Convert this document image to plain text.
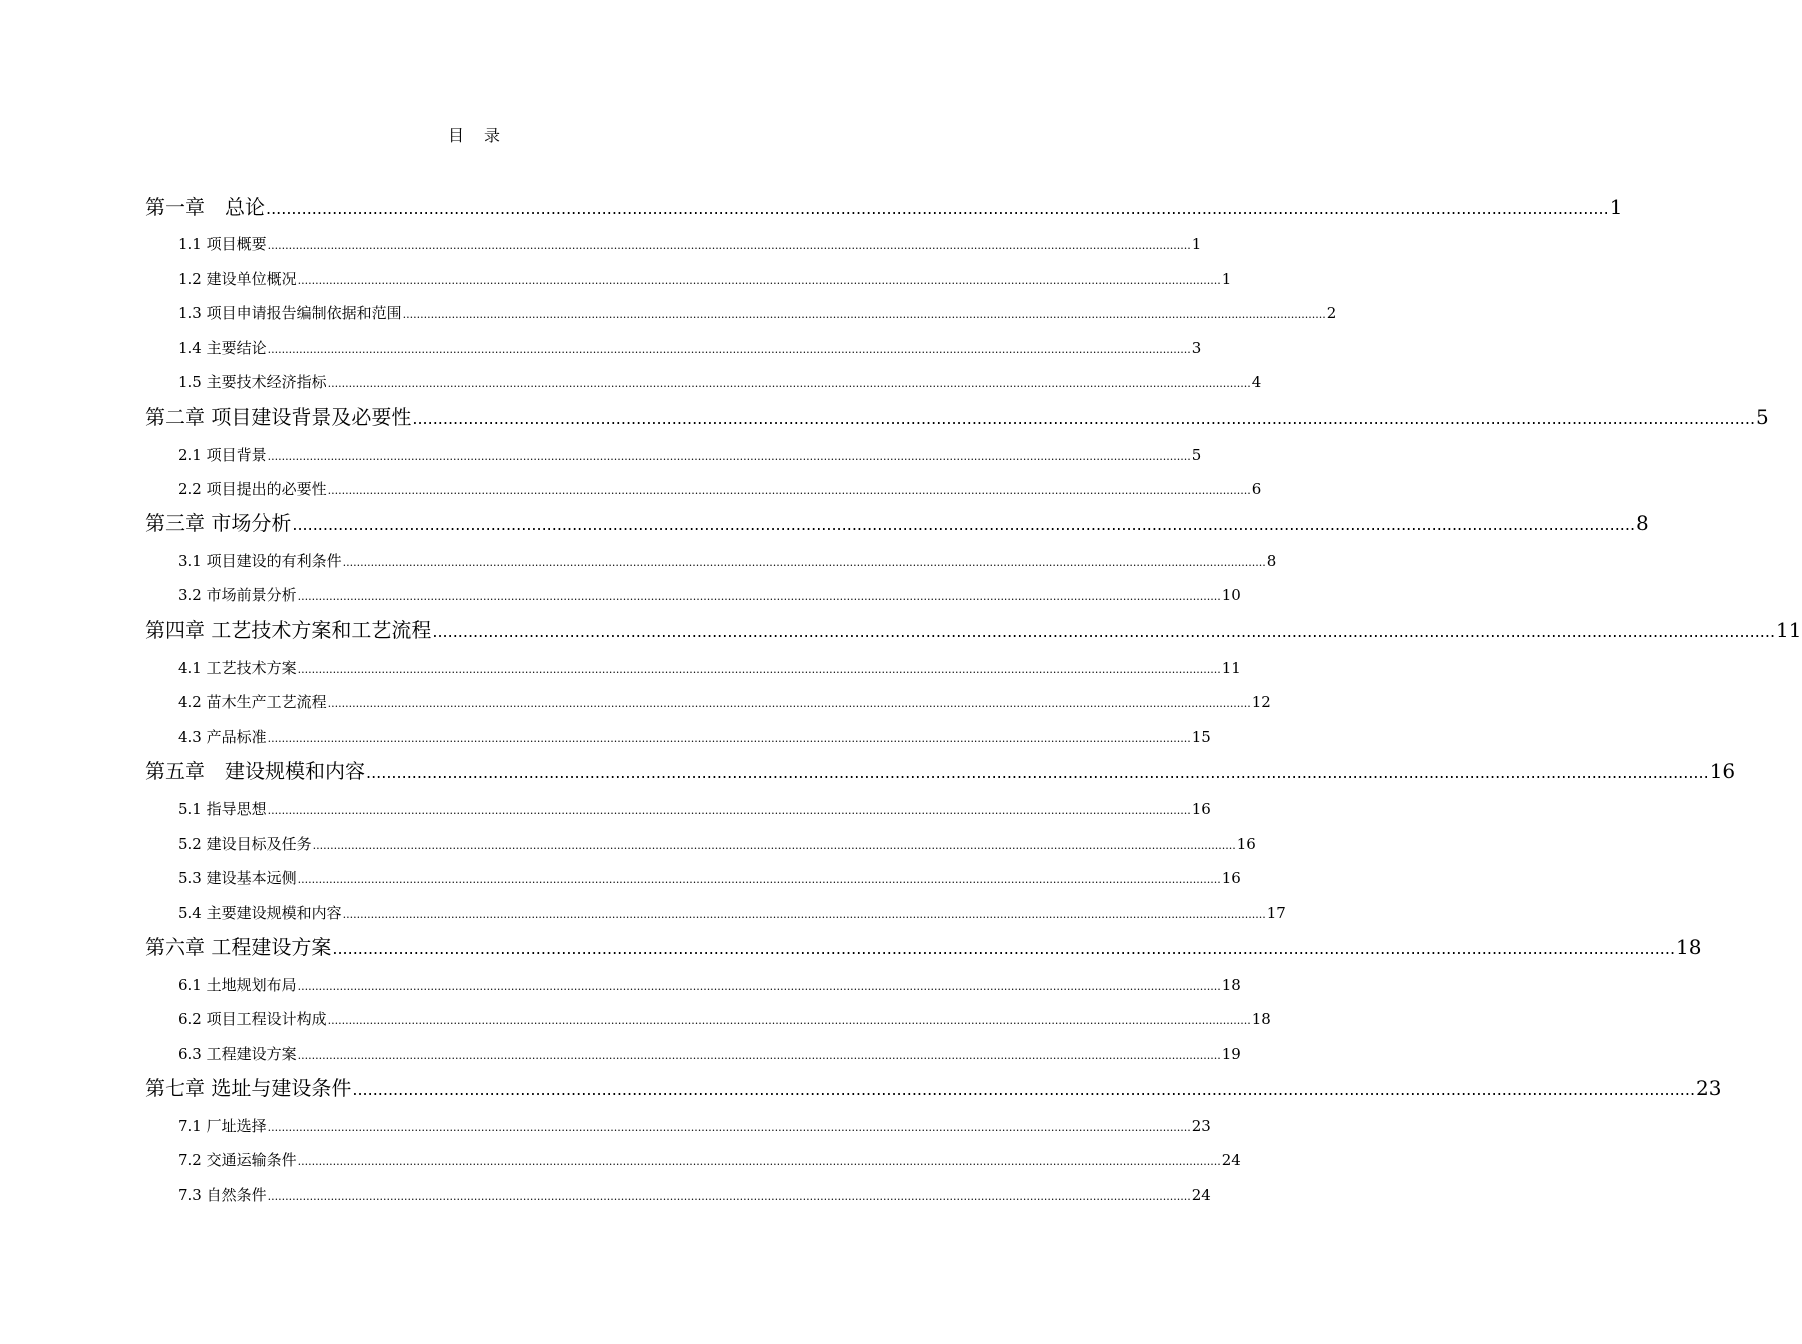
目　录
第一章　总论 ........................................................................................................................................................................................................................................................................ 1
1.1 项目概要 ........................................................................................................................................................................................................................................................................ 1
1.2 建设单位概况 ........................................................................................................................................................................................................................................................................ 1
1.3 项目申请报告编制依据和范围 ........................................................................................................................................................................................................................................................................ 2
1.4 主要结论 ........................................................................................................................................................................................................................................................................ 3
1.5 主要技术经济指标 ........................................................................................................................................................................................................................................................................ 4
第二章 项目建设背景及必要性 ........................................................................................................................................................................................................................................................................ 5
2.1 项目背景 ........................................................................................................................................................................................................................................................................ 5
2.2 项目提出的必要性 ........................................................................................................................................................................................................................................................................ 6
第三章 市场分析 ........................................................................................................................................................................................................................................................................ 8
3.1 项目建设的有利条件 ........................................................................................................................................................................................................................................................................ 8
3.2 市场前景分析 ........................................................................................................................................................................................................................................................................ 10
第四章 工艺技术方案和工艺流程 ........................................................................................................................................................................................................................................................................ 11
4.1 工艺技术方案 ........................................................................................................................................................................................................................................................................ 11
4.2 苗木生产工艺流程 ........................................................................................................................................................................................................................................................................ 12
4.3 产品标准 ........................................................................................................................................................................................................................................................................ 15
第五章　建设规模和内容 ........................................................................................................................................................................................................................................................................ 16
5.1 指导思想 ........................................................................................................................................................................................................................................................................ 16
5.2 建设目标及任务 ........................................................................................................................................................................................................................................................................ 16
5.3 建设基本远侧 ........................................................................................................................................................................................................................................................................ 16
5.4 主要建设规模和内容 ........................................................................................................................................................................................................................................................................ 17
第六章 工程建设方案 ........................................................................................................................................................................................................................................................................ 18
6.1 土地规划布局 ........................................................................................................................................................................................................................................................................ 18
6.2 项目工程设计构成 ........................................................................................................................................................................................................................................................................ 18
6.3 工程建设方案 ........................................................................................................................................................................................................................................................................ 19
第七章 选址与建设条件 ........................................................................................................................................................................................................................................................................ 23
7.1 厂址选择 ........................................................................................................................................................................................................................................................................ 23
7.2 交通运输条件 ........................................................................................................................................................................................................................................................................ 24
7.3 自然条件 ........................................................................................................................................................................................................................................................................ 24
